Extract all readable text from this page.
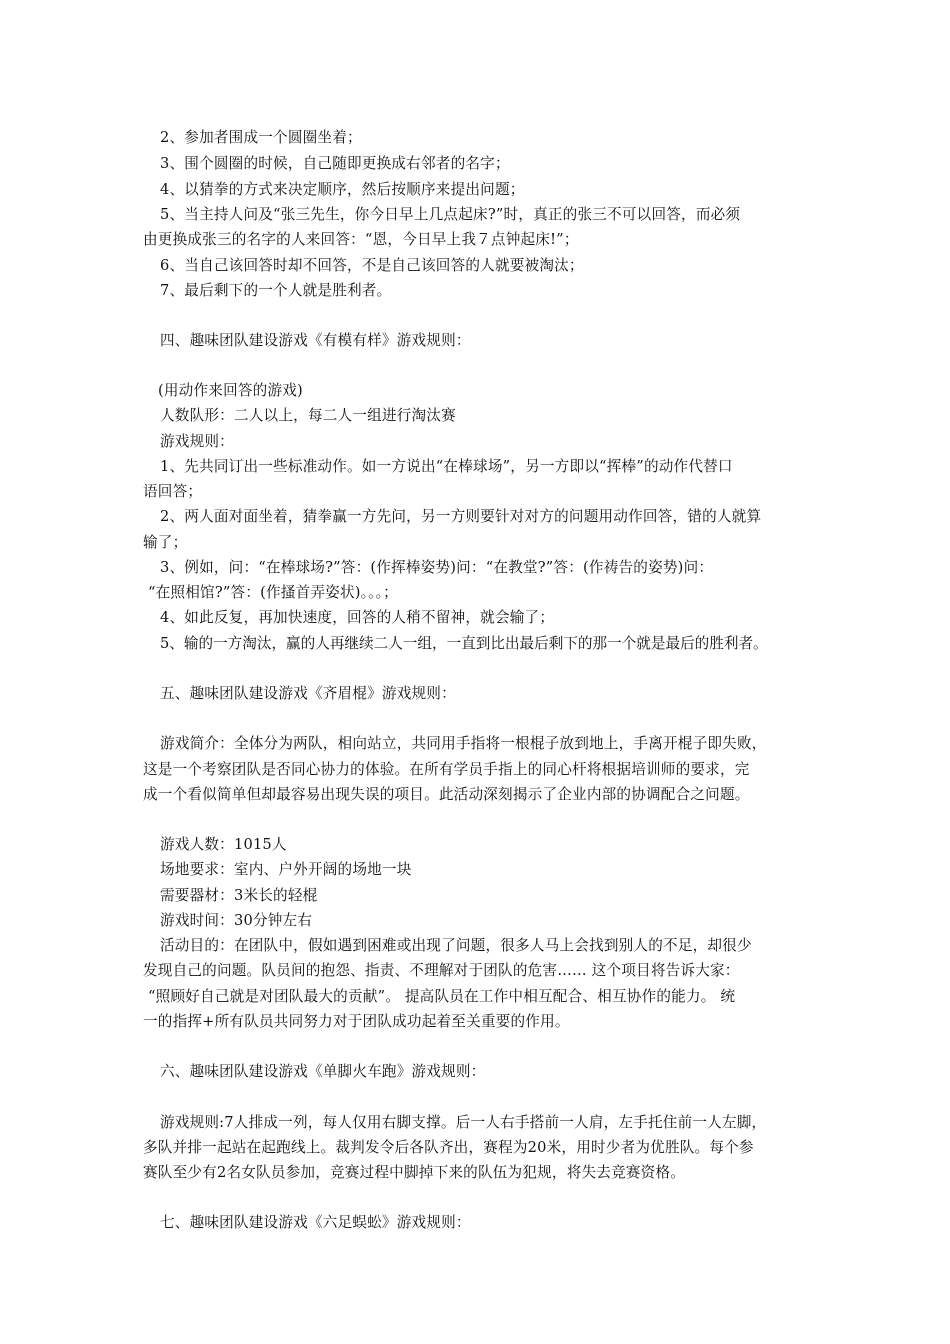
2、参加者围成一个圆圈坐着；
3、围个圆圈的时候，自己随即更换成右邻者的名字；
4、以猜拳的方式来决定顺序，然后按顺序来提出问题；
5、当主持人问及“张三先生，你今日早上几点起床?”时，真正的张三不可以回答，而必须
由更换成张三的名字的人来回答：“恩，今日早上我７点钟起床!”；
6、当自己该回答时却不回答，不是自己该回答的人就要被淘汰；
7、最后剩下的一个人就是胜利者。
四、趣味团队建设游戏《有模有样》游戏规则：
(用动作来回答的游戏)
人数队形：二人以上，每二人一组进行淘汰赛
游戏规则：
1、先共同订出一些标准动作。如一方说出“在棒球场”，另一方即以“挥棒”的动作代替口
语回答；
2、两人面对面坐着，猜拳赢一方先问，另一方则要针对对方的问题用动作回答，错的人就算
输了；
3、例如，问：“在棒球场?”答：(作挥棒姿势)问：“在教堂?”答：(作祷告的姿势)问：
“在照相馆?”答：(作搔首弄姿状)。。。；
4、如此反复，再加快速度，回答的人稍不留神，就会输了；
5、输的一方淘汰，赢的人再继续二人一组，一直到比出最后剩下的那一个就是最后的胜利者。
五、趣味团队建设游戏《齐眉棍》游戏规则：
游戏简介：全体分为两队，相向站立，共同用手指将一根棍子放到地上，手离开棍子即失败，
这是一个考察团队是否同心协力的体验。在所有学员手指上的同心杆将根据培训师的要求，完
成一个看似简单但却最容易出现失误的项目。此活动深刻揭示了企业内部的协调配合之问题。
游戏人数：1015人
场地要求：室内、户外开阔的场地一块
需要器材：3米长的轻棍
游戏时间：30分钟左右
活动目的：在团队中，假如遇到困难或出现了问题，很多人马上会找到别人的不足，却很少
发现自己的问题。队员间的抱怨、指责、不理解对于团队的危害…… 这个项目将告诉大家：
“照顾好自己就是对团队最大的贡献”。 提高队员在工作中相互配合、相互协作的能力。 统
一的指挥+所有队员共同努力对于团队成功起着至关重要的作用。
六、趣味团队建设游戏《单脚火车跑》游戏规则：
游戏规则:7人排成一列，每人仅用右脚支撑。后一人右手搭前一人肩，左手托住前一人左脚，
多队并排一起站在起跑线上。裁判发令后各队齐出，赛程为20米，用时少者为优胜队。每个参
赛队至少有2名女队员参加，竞赛过程中脚掉下来的队伍为犯规，将失去竞赛资格。
七、趣味团队建设游戏《六足蜈蚣》游戏规则：
